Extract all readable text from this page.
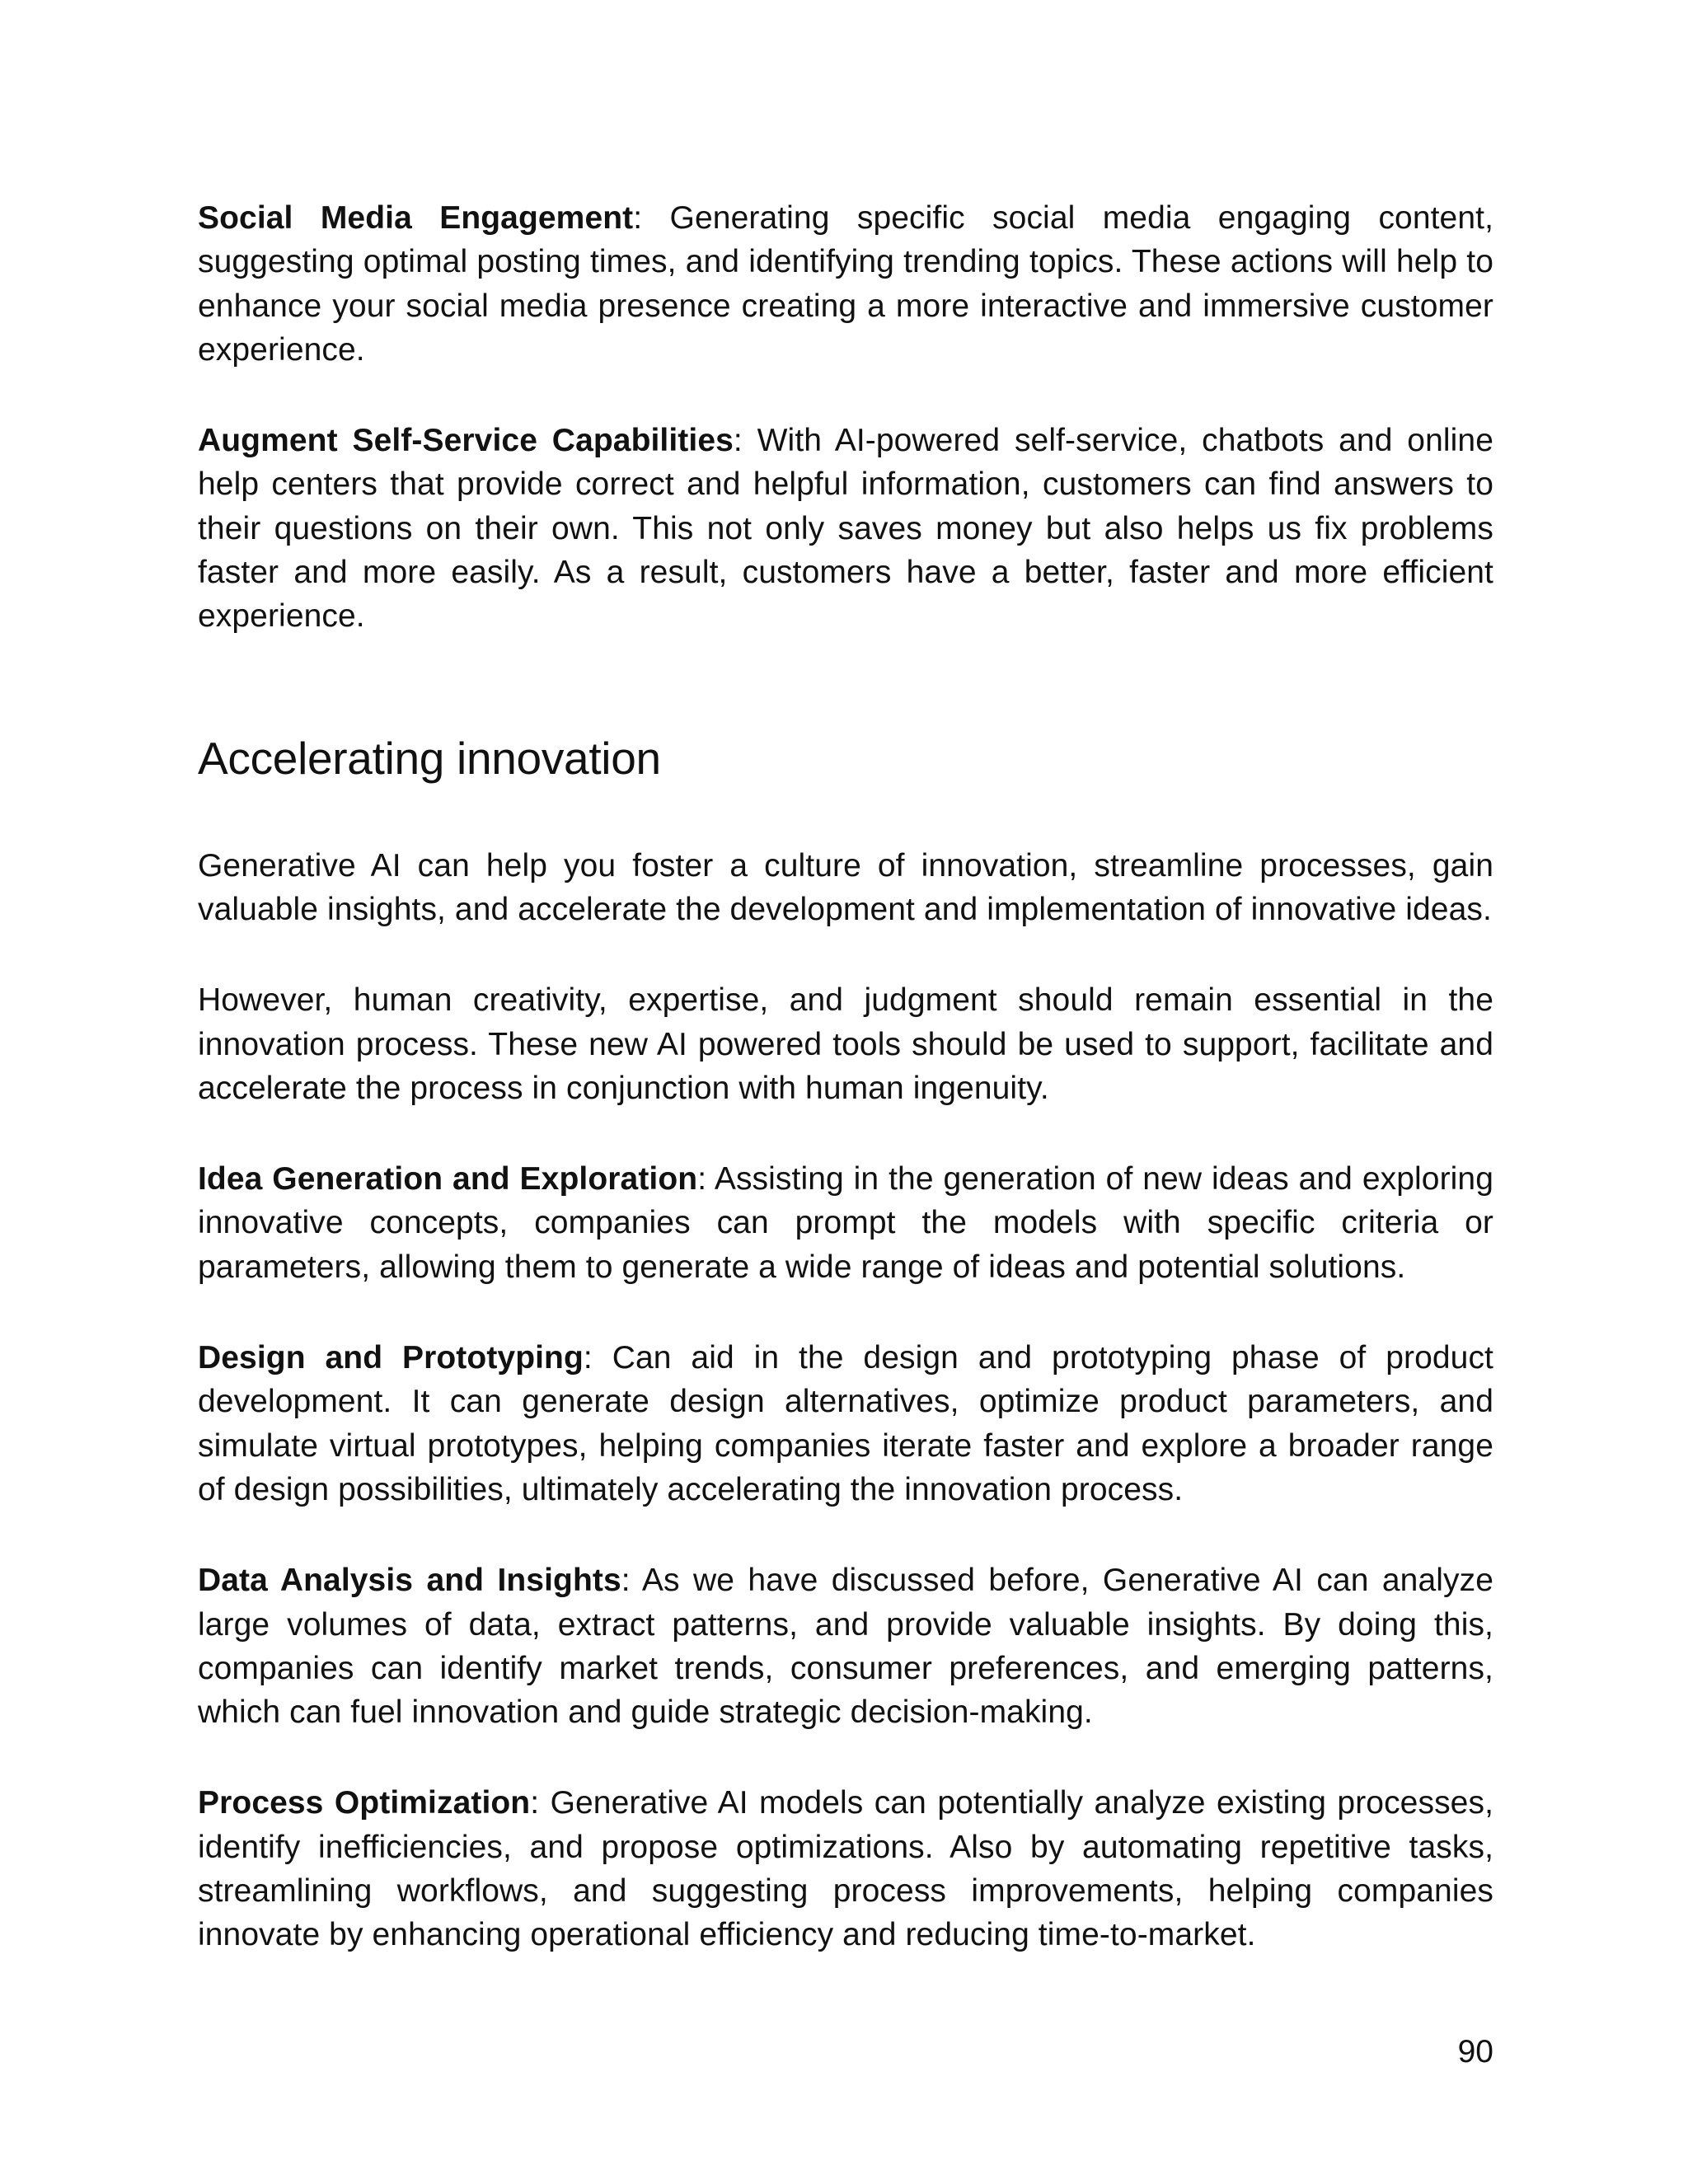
Social Media Engagement: Generating specific social media engaging content, suggesting optimal posting times, and identifying trending topics. These actions will help to enhance your social media presence creating a more interactive and immersive customer experience.

Augment Self-Service Capabilities: With AI-powered self-service, chatbots and online help centers that provide correct and helpful information, customers can find answers to their questions on their own. This not only saves money but also helps us fix problems faster and more easily. As a result, customers have a better, faster and more efficient experience.

Accelerating innovation

Generative AI can help you foster a culture of innovation, streamline processes, gain valuable insights, and accelerate the development and implementation of innovative ideas.

However, human creativity, expertise, and judgment should remain essential in the innovation process. These new AI powered tools should be used to support, facilitate and accelerate the process in conjunction with human ingenuity.

Idea Generation and Exploration: Assisting in the generation of new ideas and exploring innovative concepts, companies can prompt the models with specific criteria or parameters, allowing them to generate a wide range of ideas and potential solutions.

Design and Prototyping: Can aid in the design and prototyping phase of product development. It can generate design alternatives, optimize product parameters, and simulate virtual prototypes, helping companies iterate faster and explore a broader range of design possibilities, ultimately accelerating the innovation process.

Data Analysis and Insights: As we have discussed before, Generative AI can analyze large volumes of data, extract patterns, and provide valuable insights. By doing this, companies can identify market trends, consumer preferences, and emerging patterns, which can fuel innovation and guide strategic decision-making.

Process Optimization: Generative AI models can potentially analyze existing processes, identify inefficiencies, and propose optimizations. Also by automating repetitive tasks, streamlining workflows, and suggesting process improvements, helping companies innovate by enhancing operational efficiency and reducing time-to-market.

90
